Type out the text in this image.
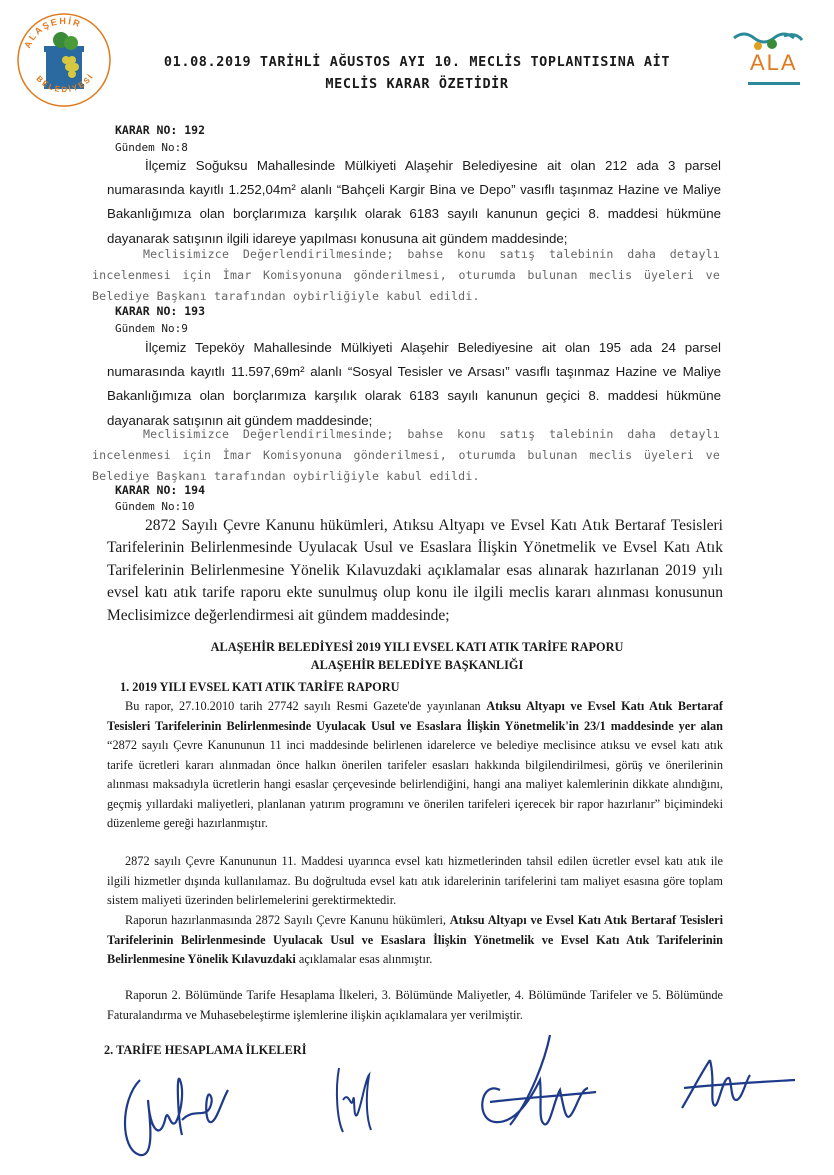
ALAŞEHİR
BELEDİYESİ
ALA
01.08.2019 TARİHLİ AĞUSTOS AYI 10. MECLİS TOPLANTISINA AİT
MECLİS KARAR ÖZETİDİR
KARAR NO: 192
Gündem No:8
İlçemiz Soğuksu Mahallesinde Mülkiyeti Alaşehir Belediyesine ait olan 212 ada 3 parsel numarasında kayıtlı 1.252,04m² alanlı “Bahçeli Kargir Bina ve Depo” vasıflı taşınmaz Hazine ve Maliye Bakanlığımıza olan borçlarımıza karşılık olarak 6183 sayılı kanunun geçici 8. maddesi hükmüne dayanarak satışının ilgili idareye yapılması konusuna ait gündem maddesinde;
Meclisimizce Değerlendirilmesinde; bahse konu satış talebinin daha detaylı incelenmesi için İmar Komisyonuna gönderilmesi, oturumda bulunan meclis üyeleri ve Belediye Başkanı tarafından oybirliğiyle kabul edildi.
KARAR NO: 193
Gündem No:9
İlçemiz Tepeköy Mahallesinde Mülkiyeti Alaşehir Belediyesine ait olan 195 ada 24 parsel numarasında kayıtlı 11.597,69m² alanlı “Sosyal Tesisler ve Arsası” vasıflı taşınmaz Hazine ve Maliye Bakanlığımıza olan borçlarımıza karşılık olarak 6183 sayılı kanunun geçici 8. maddesi hükmüne dayanarak satışının ait gündem maddesinde;
Meclisimizce Değerlendirilmesinde; bahse konu satış talebinin daha detaylı incelenmesi için İmar Komisyonuna gönderilmesi, oturumda bulunan meclis üyeleri ve Belediye Başkanı tarafından oybirliğiyle kabul edildi.
KARAR NO: 194
Gündem No:10
2872 Sayılı Çevre Kanunu hükümleri, Atıksu Altyapı ve Evsel Katı Atık Bertaraf Tesisleri Tarifelerinin Belirlenmesinde Uyulacak Usul ve Esaslara İlişkin Yönetmelik ve Evsel Katı Atık Tarifelerinin Belirlenmesine Yönelik Kılavuzdaki açıklamalar esas alınarak hazırlanan 2019 yılı evsel katı atık tarife raporu ekte sunulmuş olup konu ile ilgili meclis kararı alınması konusunun Meclisimizce değerlendirmesi ait gündem maddesinde;
ALAŞEHİR BELEDİYESİ 2019 YILI EVSEL KATI ATIK TARİFE RAPORU
ALAŞEHİR BELEDİYE BAŞKANLIĞI
1. 2019 YILI EVSEL KATI ATIK TARİFE RAPORU
Bu rapor, 27.10.2010 tarih 27742 sayılı Resmi Gazete'de yayınlanan Atıksu Altyapı ve Evsel Katı Atık Bertaraf Tesisleri Tarifelerinin Belirlenmesinde Uyulacak Usul ve Esaslara İlişkin Yönetmelik'in 23/1 maddesinde yer alan “2872 sayılı Çevre Kanununun 11 inci maddesinde belirlenen idarelerce ve belediye meclisince atıksu ve evsel katı atık tarife ücretleri kararı alınmadan önce halkın önerilen tarifeler esasları hakkında bilgilendirilmesi, görüş ve önerilerinin alınması maksadıyla ücretlerin hangi esaslar çerçevesinde belirlendiğini, hangi ana maliyet kalemlerinin dikkate alındığını, geçmiş yıllardaki maliyetleri, planlanan yatırım programını ve önerilen tarifeleri içerecek bir rapor hazırlanır” biçimindeki düzenleme gereği hazırlanmıştır.
2872 sayılı Çevre Kanununun 11. Maddesi uyarınca evsel katı hizmetlerinden tahsil edilen ücretler evsel katı atık ile ilgili hizmetler dışında kullanılamaz. Bu doğrultuda evsel katı atık idarelerinin tarifelerini tam maliyet esasına göre toplam sistem maliyeti üzerinden belirlemelerini gerektirmektedir.
Raporun hazırlanmasında 2872 Sayılı Çevre Kanunu hükümleri, Atıksu Altyapı ve Evsel Katı Atık Bertaraf Tesisleri Tarifelerinin Belirlenmesinde Uyulacak Usul ve Esaslara İlişkin Yönetmelik ve Evsel Katı Atık Tarifelerinin Belirlenmesine Yönelik Kılavuzdaki açıklamalar esas alınmıştır.
Raporun 2. Bölümünde Tarife Hesaplama İlkeleri, 3. Bölümünde Maliyetler, 4. Bölümünde Tarifeler ve 5. Bölümünde Faturalandırma ve Muhasebeleştirme işlemlerine ilişkin açıklamalara yer verilmiştir.
2. TARİFE HESAPLAMA İLKELERİ
